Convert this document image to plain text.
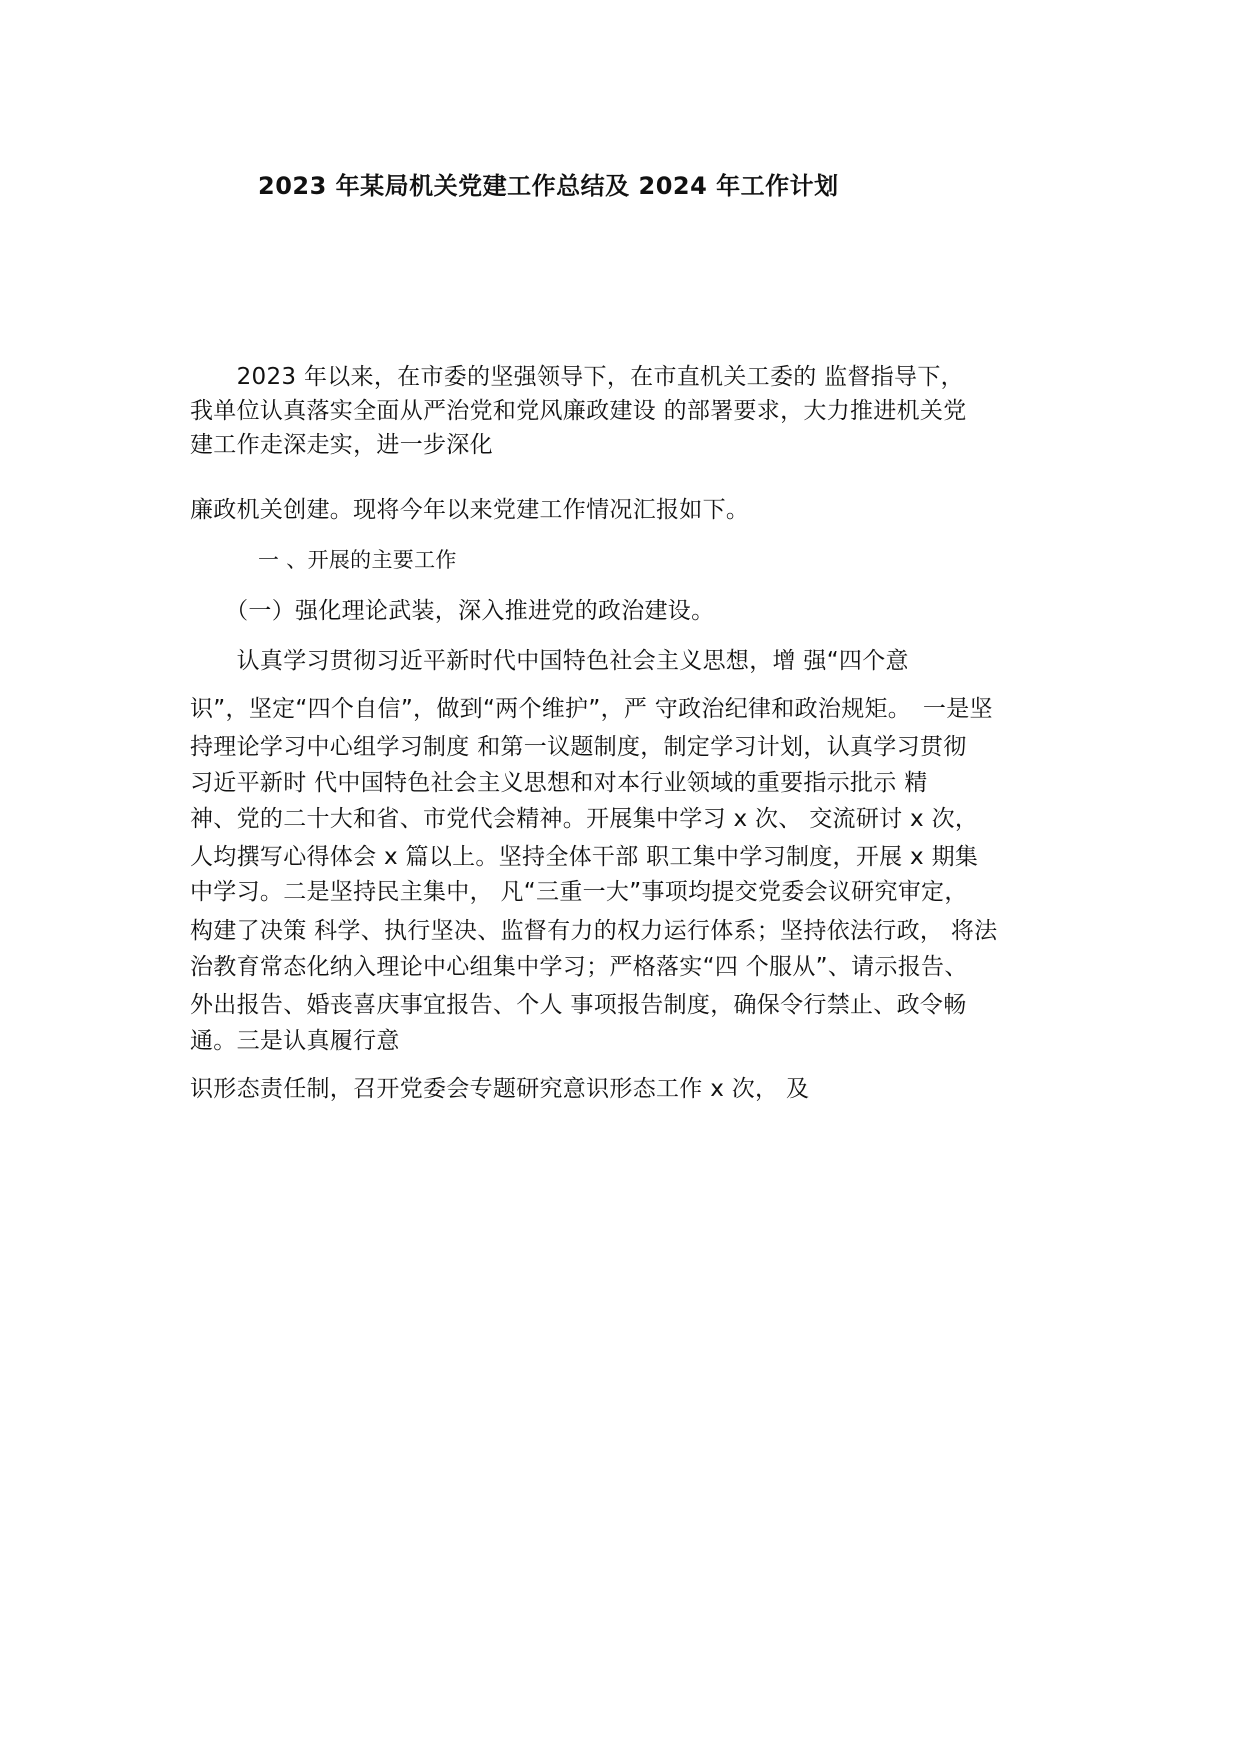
2023 年某局机关党建工作总结及 2024 年工作计划
　　2023 年以来，在市委的坚强领导下，在市直机关工委的 监督指导下，
我单位认真落实全面从严治党和党风廉政建设 的部署要求，大力推进机关党
建工作走深走实，进一步深化
廉政机关创建。现将今年以来党建工作情况汇报如下。
一 、开展的主要工作
　　（一）强化理论武装，深入推进党的政治建设。
　　认真学习贯彻习近平新时代中国特色社会主义思想，增 强“四个意
识”，坚定“四个自信”，做到“两个维护”，严 守政治纪律和政治规矩。　一是坚
持理论学习中心组学习制度 和第一议题制度，制定学习计划，认真学习贯彻
习近平新时 代中国特色社会主义思想和对本行业领域的重要指示批示 精
神、党的二十大和省、市党代会精神。开展集中学习 x 次、 交流研讨 x 次，
人均撰写心得体会 x 篇以上。坚持全体干部 职工集中学习制度，开展 x 期集
中学习。二是坚持民主集中， 凡“三重一大”事项均提交党委会议研究审定，
构建了决策 科学、执行坚决、监督有力的权力运行体系；坚持依法行政， 将法
治教育常态化纳入理论中心组集中学习；严格落实“四 个服从”、请示报告、
外出报告、婚丧喜庆事宜报告、个人 事项报告制度，确保令行禁止、政令畅
通。三是认真履行意
识形态责任制，召开党委会专题研究意识形态工作 x 次， 及
